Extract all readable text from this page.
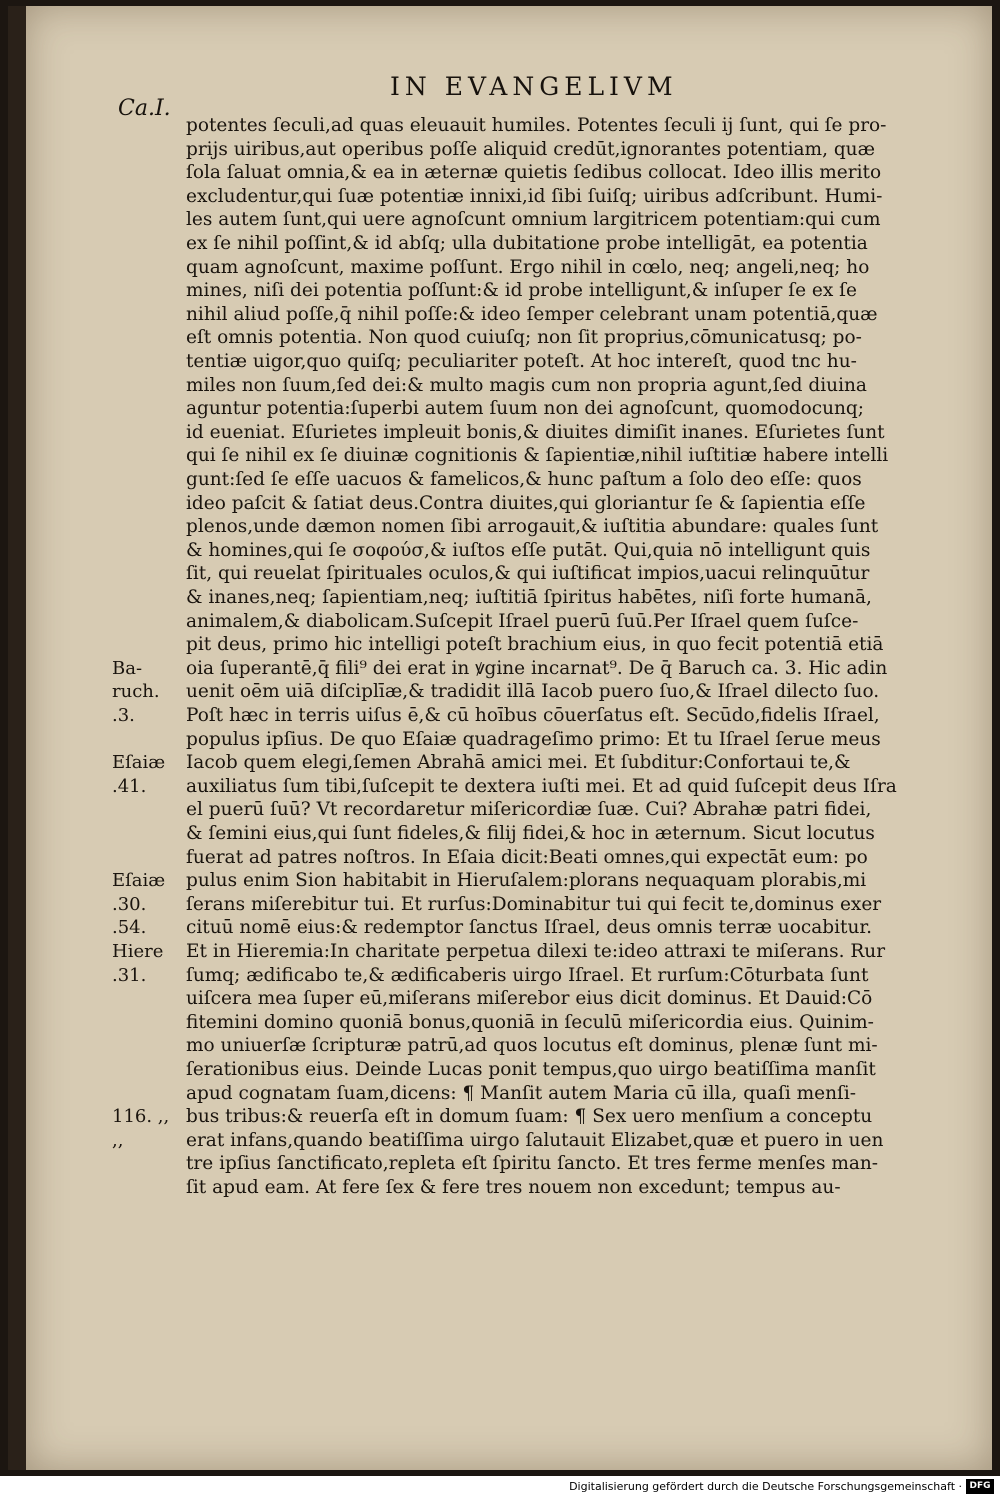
IN EVANGELIVM
Ca.I.
potentes ſeculi,ad quas eleuauit humiles. Potentes ſeculi ij ſunt, qui ſe pro-
prijs uiribus,aut operibus poſſe aliquid credūt,ignorantes potentiam, quæ
ſola ſaluat omnia,& ea in æternæ quietis ſedibus collocat. Ideo illis merito
excludentur,qui ſuæ potentiæ innixi,id ſibi ſuiſq; uiribus adſcribunt. Humi-
les autem ſunt,qui uere agnoſcunt omnium largitricem potentiam:qui cum
ex ſe nihil poſſint,& id abſq; ulla dubitatione probe intelligāt, ea potentia
quam agnoſcunt, maxime poſſunt. Ergo nihil in cœlo, neq; angeli,neq; ho
mines, niſi dei potentia poſſunt:& id probe intelligunt,& inſuper ſe ex ſe
nihil aliud poſſe,q̄ nihil poſſe:& ideo ſemper celebrant unam potentiā,quæ
eſt omnis potentia. Non quod cuiuſq; non ſit proprius,cōmunicatusq; po-
tentiæ uigor,quo quiſq; peculiariter poteſt. At hoc intereſt, quod tnc hu-
miles non ſuum,ſed dei:& multo magis cum non propria agunt,ſed diuina
aguntur potentia:ſuperbi autem ſuum non dei agnoſcunt, quomodocunq;
id eueniat. Eſurietes impleuit bonis,& diuites dimiſit inanes. Eſurietes ſunt
qui ſe nihil ex ſe diuinæ cognitionis & ſapientiæ,nihil iuſtitiæ habere intelli
gunt:ſed ſe eſſe uacuos & famelicos,& hunc paſtum a ſolo deo eſſe: quos
ideo paſcit & ſatiat deus.Contra diuites,qui gloriantur ſe & ſapientia eſſe
plenos,unde dæmon nomen ſibi arrogauit,& iuſtitia abundare: quales ſunt
& homines,qui ſe σοφούσ,& iuſtos eſſe putāt. Qui,quia nō intelligunt quis
ſit, qui reuelat ſpirituales oculos,& qui iuſtificat impios,uacui relinquūtur
& inanes,neq; ſapientiam,neq; iuſtitiā ſpiritus habētes, niſi forte humanā,
animalem,& diabolicam.Suſcepit Iſrael puerū ſuū.Per Iſrael quem ſuſce-
pit deus, primo hic intelligi poteſt brachium eius, in quo fecit potentiā etiā
oia ſuperantē,q̄ fili⁹ dei erat in ꝟgine incarnat⁹. De q̄ Baruch ca. 3. Hic adin
uenit oēm uiā diſciplīæ,& tradidit illā Iacob puero ſuo,& Iſrael dilecto ſuo.
Poſt hæc in terris uiſus ē,& cū hoībus cōuerſatus eſt. Secūdo,fidelis Iſrael,
populus ipſius. De quo Eſaiæ quadrageſimo primo: Et tu Iſrael ſerue meus
Iacob quem elegi,ſemen Abrahā amici mei. Et ſubditur:Confortaui te,&
auxiliatus ſum tibi,ſuſcepit te dextera iuſti mei. Et ad quid ſuſcepit deus Iſra
el puerū ſuū? Vt recordaretur miſericordiæ ſuæ. Cui? Abrahæ patri fidei,
& ſemini eius,qui ſunt fideles,& filij fidei,& hoc in æternum. Sicut locutus
fuerat ad patres noſtros. In Eſaia dicit:Beati omnes,qui expectāt eum: po
pulus enim Sion habitabit in Hieruſalem:plorans nequaquam plorabis,mi
ſerans miſerebitur tui. Et rurſus:Dominabitur tui qui fecit te,dominus exer
cituū nomē eius:& redemptor ſanctus Iſrael, deus omnis terræ uocabitur.
Et in Hieremia:In charitate perpetua dilexi te:ideo attraxi te miſerans. Rur
ſumq; ædificabo te,& ædificaberis uirgo Iſrael. Et rurſum:Cōturbata ſunt
uiſcera mea ſuper eū,miſerans miſerebor eius dicit dominus. Et Dauid:Cō
fitemini domino quoniā bonus,quoniā in ſeculū miſericordia eius. Quinim-
mo uniuerſæ ſcripturæ patrū,ad quos locutus eſt dominus, plenæ ſunt mi-
ſerationibus eius. Deinde Lucas ponit tempus,quo uirgo beatiſſima manſit
apud cognatam ſuam,dicens: ¶ Manſit autem Maria cū illa, quaſi menſi-
bus tribus:& reuerſa eſt in domum ſuam: ¶ Sex uero menſium a conceptu
erat infans,quando beatiſſima uirgo ſalutauit Elizabet,quæ et puero in uen
tre ipſius ſanctificato,repleta eſt ſpiritu ſancto. Et tres ferme menſes man-
ſit apud eam. At fere ſex & fere tres nouem non excedunt; tempus au-
Ba-
ruch.
.3.
Eſaiæ
.41.
Eſaiæ
.30.
.54.
Hiere
.31.
116. ,,
,,
Digitalisierung gefördert durch die Deutsche Forschungsgemeinschaft · DFG
